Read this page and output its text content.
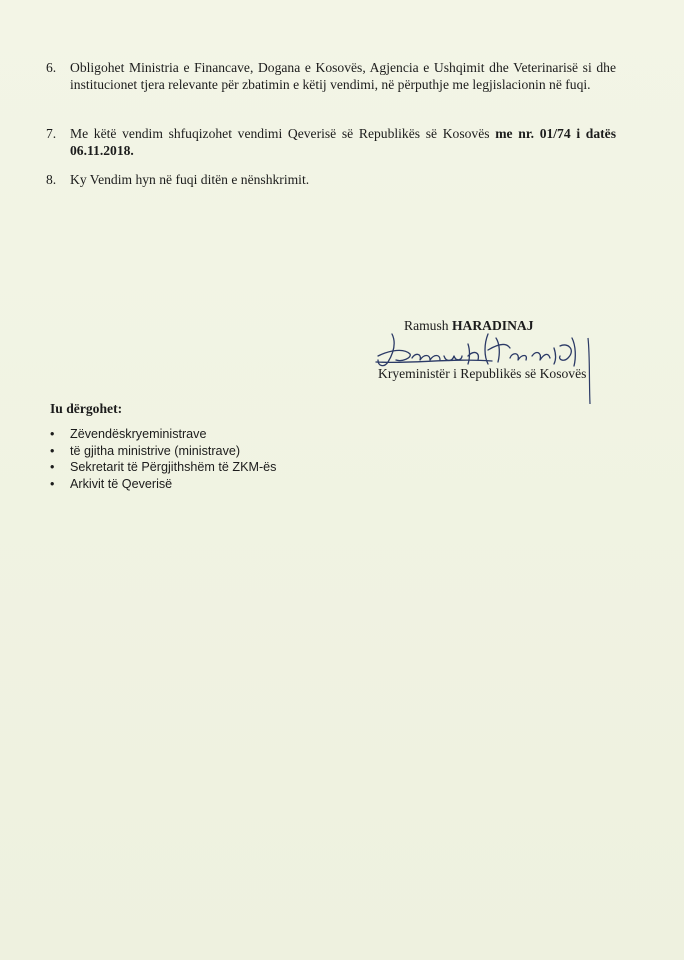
6. Obligohet Ministria e Financave, Dogana e Kosovës, Agjencia e Ushqimit dhe Veterinarisë si dhe institucionet tjera relevante për zbatimin e këtij vendimi, në përputhje me legjislacionin në fuqi.
7. Me këtë vendim shfuqizohet vendimi Qeverisë së Republikës së Kosovës me nr. 01/74 i datës 06.11.2018.
8. Ky Vendim hyn në fuqi ditën e nënshkrimit.
Ramush HARADINAJ
Kryeministër i Republikës së Kosovës
Iu dërgohet:
• Zëvendëskryeministrave
• të gjitha ministrive (ministrave)
• Sekretarit të Përgjithshëm të ZKM-ës
• Arkivit të Qeverisë
